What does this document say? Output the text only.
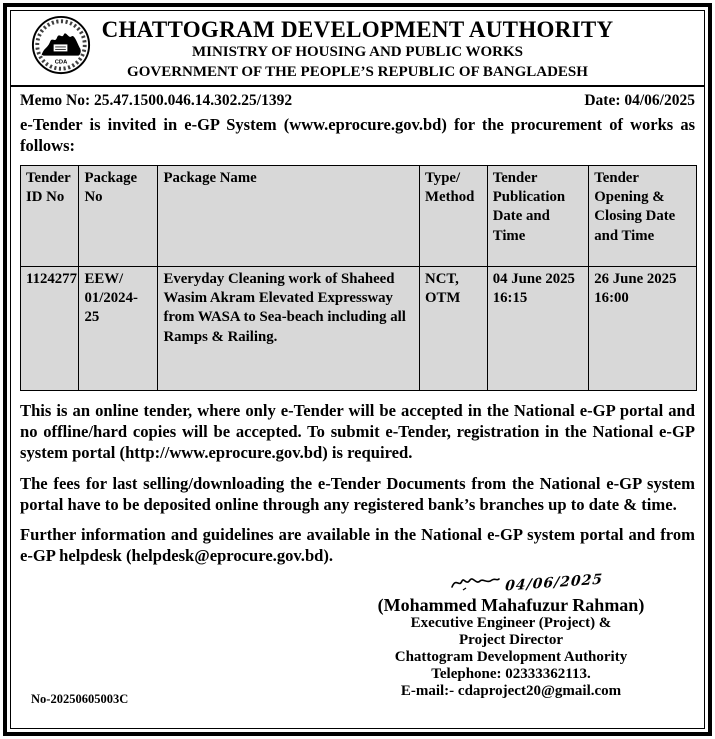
CDA
CHATTOGRAM DEVELOPMENT AUTHORITY
MINISTRY OF HOUSING AND PUBLIC WORKS
GOVERNMENT OF THE PEOPLE’S REPUBLIC OF BANGLADESH
Memo No: 25.47.1500.046.14.302.25/1392	Date: 04/06/2025

e-Tender is invited in e-GP System (www.eprocure.gov.bd) for the procurement of works as follows:

Tender ID No	Package No	Package Name	Type/ Method	Tender Publication Date and Time	Tender Opening & Closing Date and Time
1124277	EEW/ 01/2024-25	Everyday Cleaning work of Shaheed Wasim Akram Elevated Expressway from WASA to Sea-beach including all Ramps & Railing.	NCT, OTM	04 June 2025 16:15	26 June 2025 16:00

This is an online tender, where only e-Tender will be accepted in the National e-GP portal and no offline/hard copies will be accepted. To submit e-Tender, registration in the National e-GP system portal (http://www.eprocure.gov.bd) is required.

The fees for last selling/downloading the e-Tender Documents from the National e-GP system portal have to be deposited online through any registered bank’s branches up to date & time.

Further information and guidelines are available in the National e-GP system portal and from e-GP helpdesk (helpdesk@eprocure.gov.bd).

04/06/2025
(Mohammed Mahafuzur Rahman)
Executive Engineer (Project) &
Project Director
Chattogram Development Authority
Telephone: 02333362113.
E-mail:- cdaproject20@gmail.com
No-20250605003C
